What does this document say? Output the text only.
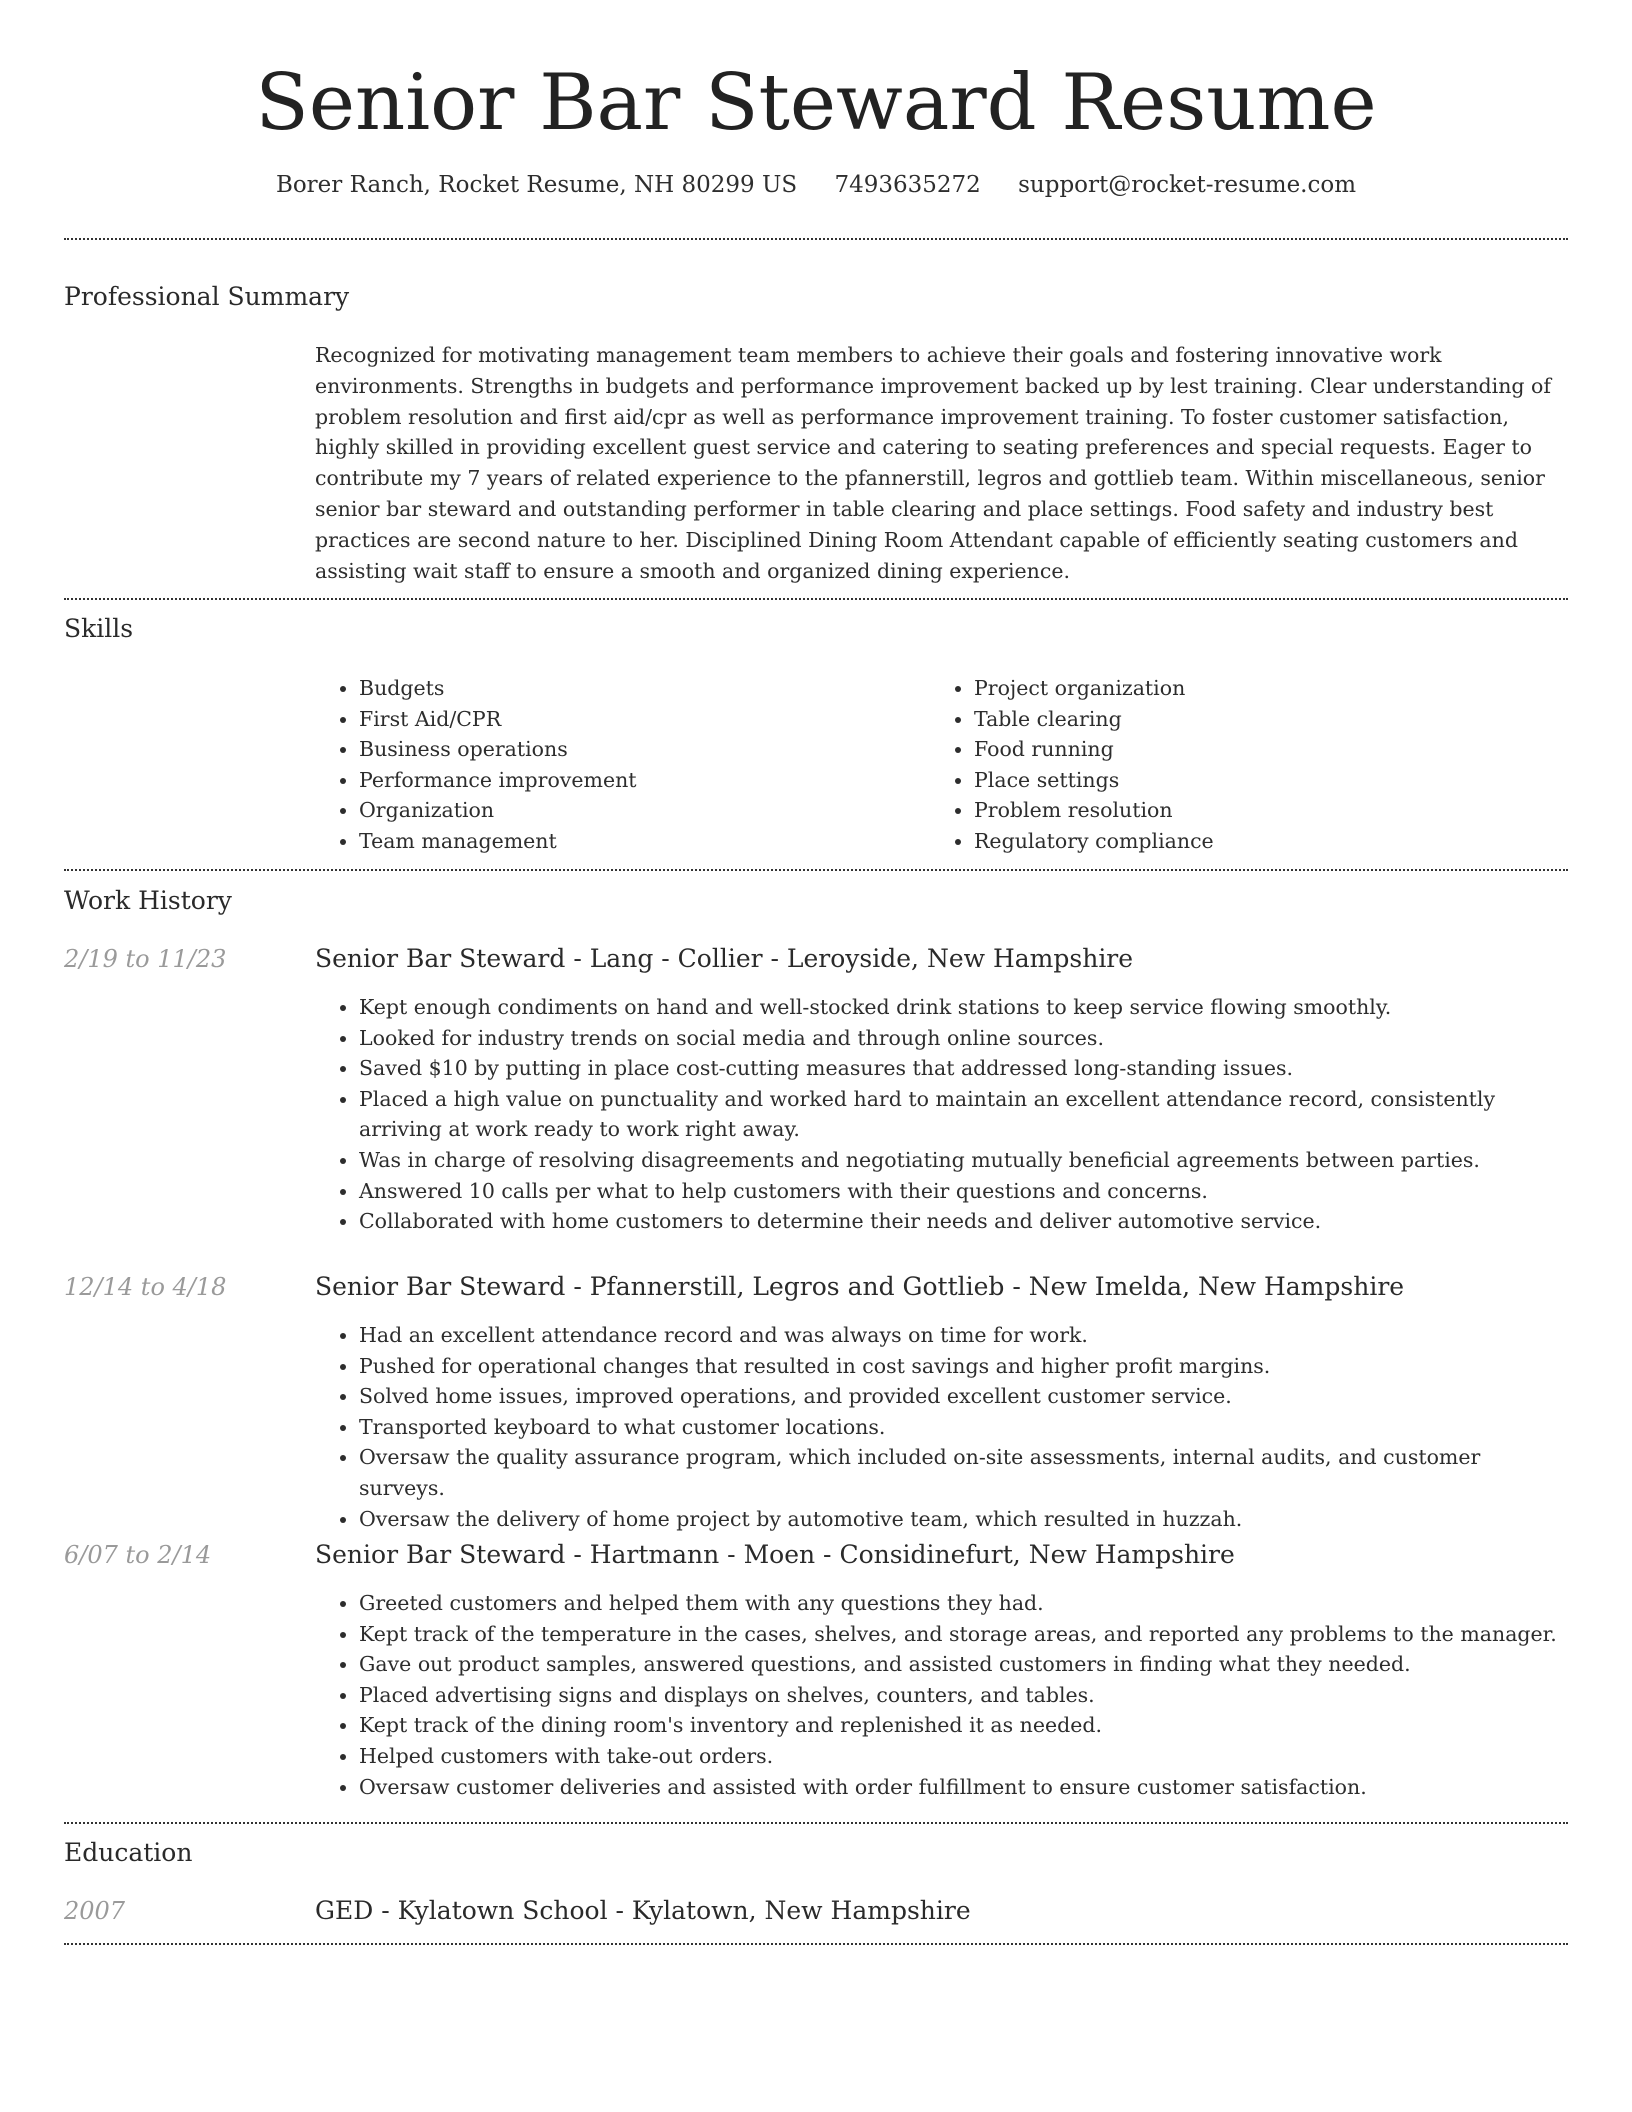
Senior Bar Steward Resume
Borer Ranch, Rocket Resume, NH 80299 US 7493635272 support@rocket-resume.com
Professional Summary
Recognized for motivating management team members to achieve their goals and fostering innovative work environments. Strengths in budgets and performance improvement backed up by lest training. Clear understanding of problem resolution and first aid/cpr as well as performance improvement training. To foster customer satisfaction, highly skilled in providing excellent guest service and catering to seating preferences and special requests. Eager to contribute my 7 years of related experience to the pfannerstill, legros and gottlieb team. Within miscellaneous, senior senior bar steward and outstanding performer in table clearing and place settings. Food safety and industry best practices are second nature to her. Disciplined Dining Room Attendant capable of efficiently seating customers and assisting wait staff to ensure a smooth and organized dining experience.
Skills
• Budgets
• First Aid/CPR
• Business operations
• Performance improvement
• Organization
• Team management
• Project organization
• Table clearing
• Food running
• Place settings
• Problem resolution
• Regulatory compliance
Work History
2/19 to 11/23	Senior Bar Steward - Lang - Collier - Leroyside, New Hampshire
• Kept enough condiments on hand and well-stocked drink stations to keep service flowing smoothly.
• Looked for industry trends on social media and through online sources.
• Saved $10 by putting in place cost-cutting measures that addressed long-standing issues.
• Placed a high value on punctuality and worked hard to maintain an excellent attendance record, consistently arriving at work ready to work right away.
• Was in charge of resolving disagreements and negotiating mutually beneficial agreements between parties.
• Answered 10 calls per what to help customers with their questions and concerns.
• Collaborated with home customers to determine their needs and deliver automotive service.
12/14 to 4/18	Senior Bar Steward - Pfannerstill, Legros and Gottlieb - New Imelda, New Hampshire
• Had an excellent attendance record and was always on time for work.
• Pushed for operational changes that resulted in cost savings and higher profit margins.
• Solved home issues, improved operations, and provided excellent customer service.
• Transported keyboard to what customer locations.
• Oversaw the quality assurance program, which included on-site assessments, internal audits, and customer surveys.
• Oversaw the delivery of home project by automotive team, which resulted in huzzah.
6/07 to 2/14	Senior Bar Steward - Hartmann - Moen - Considinefurt, New Hampshire
• Greeted customers and helped them with any questions they had.
• Kept track of the temperature in the cases, shelves, and storage areas, and reported any problems to the manager.
• Gave out product samples, answered questions, and assisted customers in finding what they needed.
• Placed advertising signs and displays on shelves, counters, and tables.
• Kept track of the dining room's inventory and replenished it as needed.
• Helped customers with take-out orders.
• Oversaw customer deliveries and assisted with order fulfillment to ensure customer satisfaction.
Education
2007	GED - Kylatown School - Kylatown, New Hampshire
